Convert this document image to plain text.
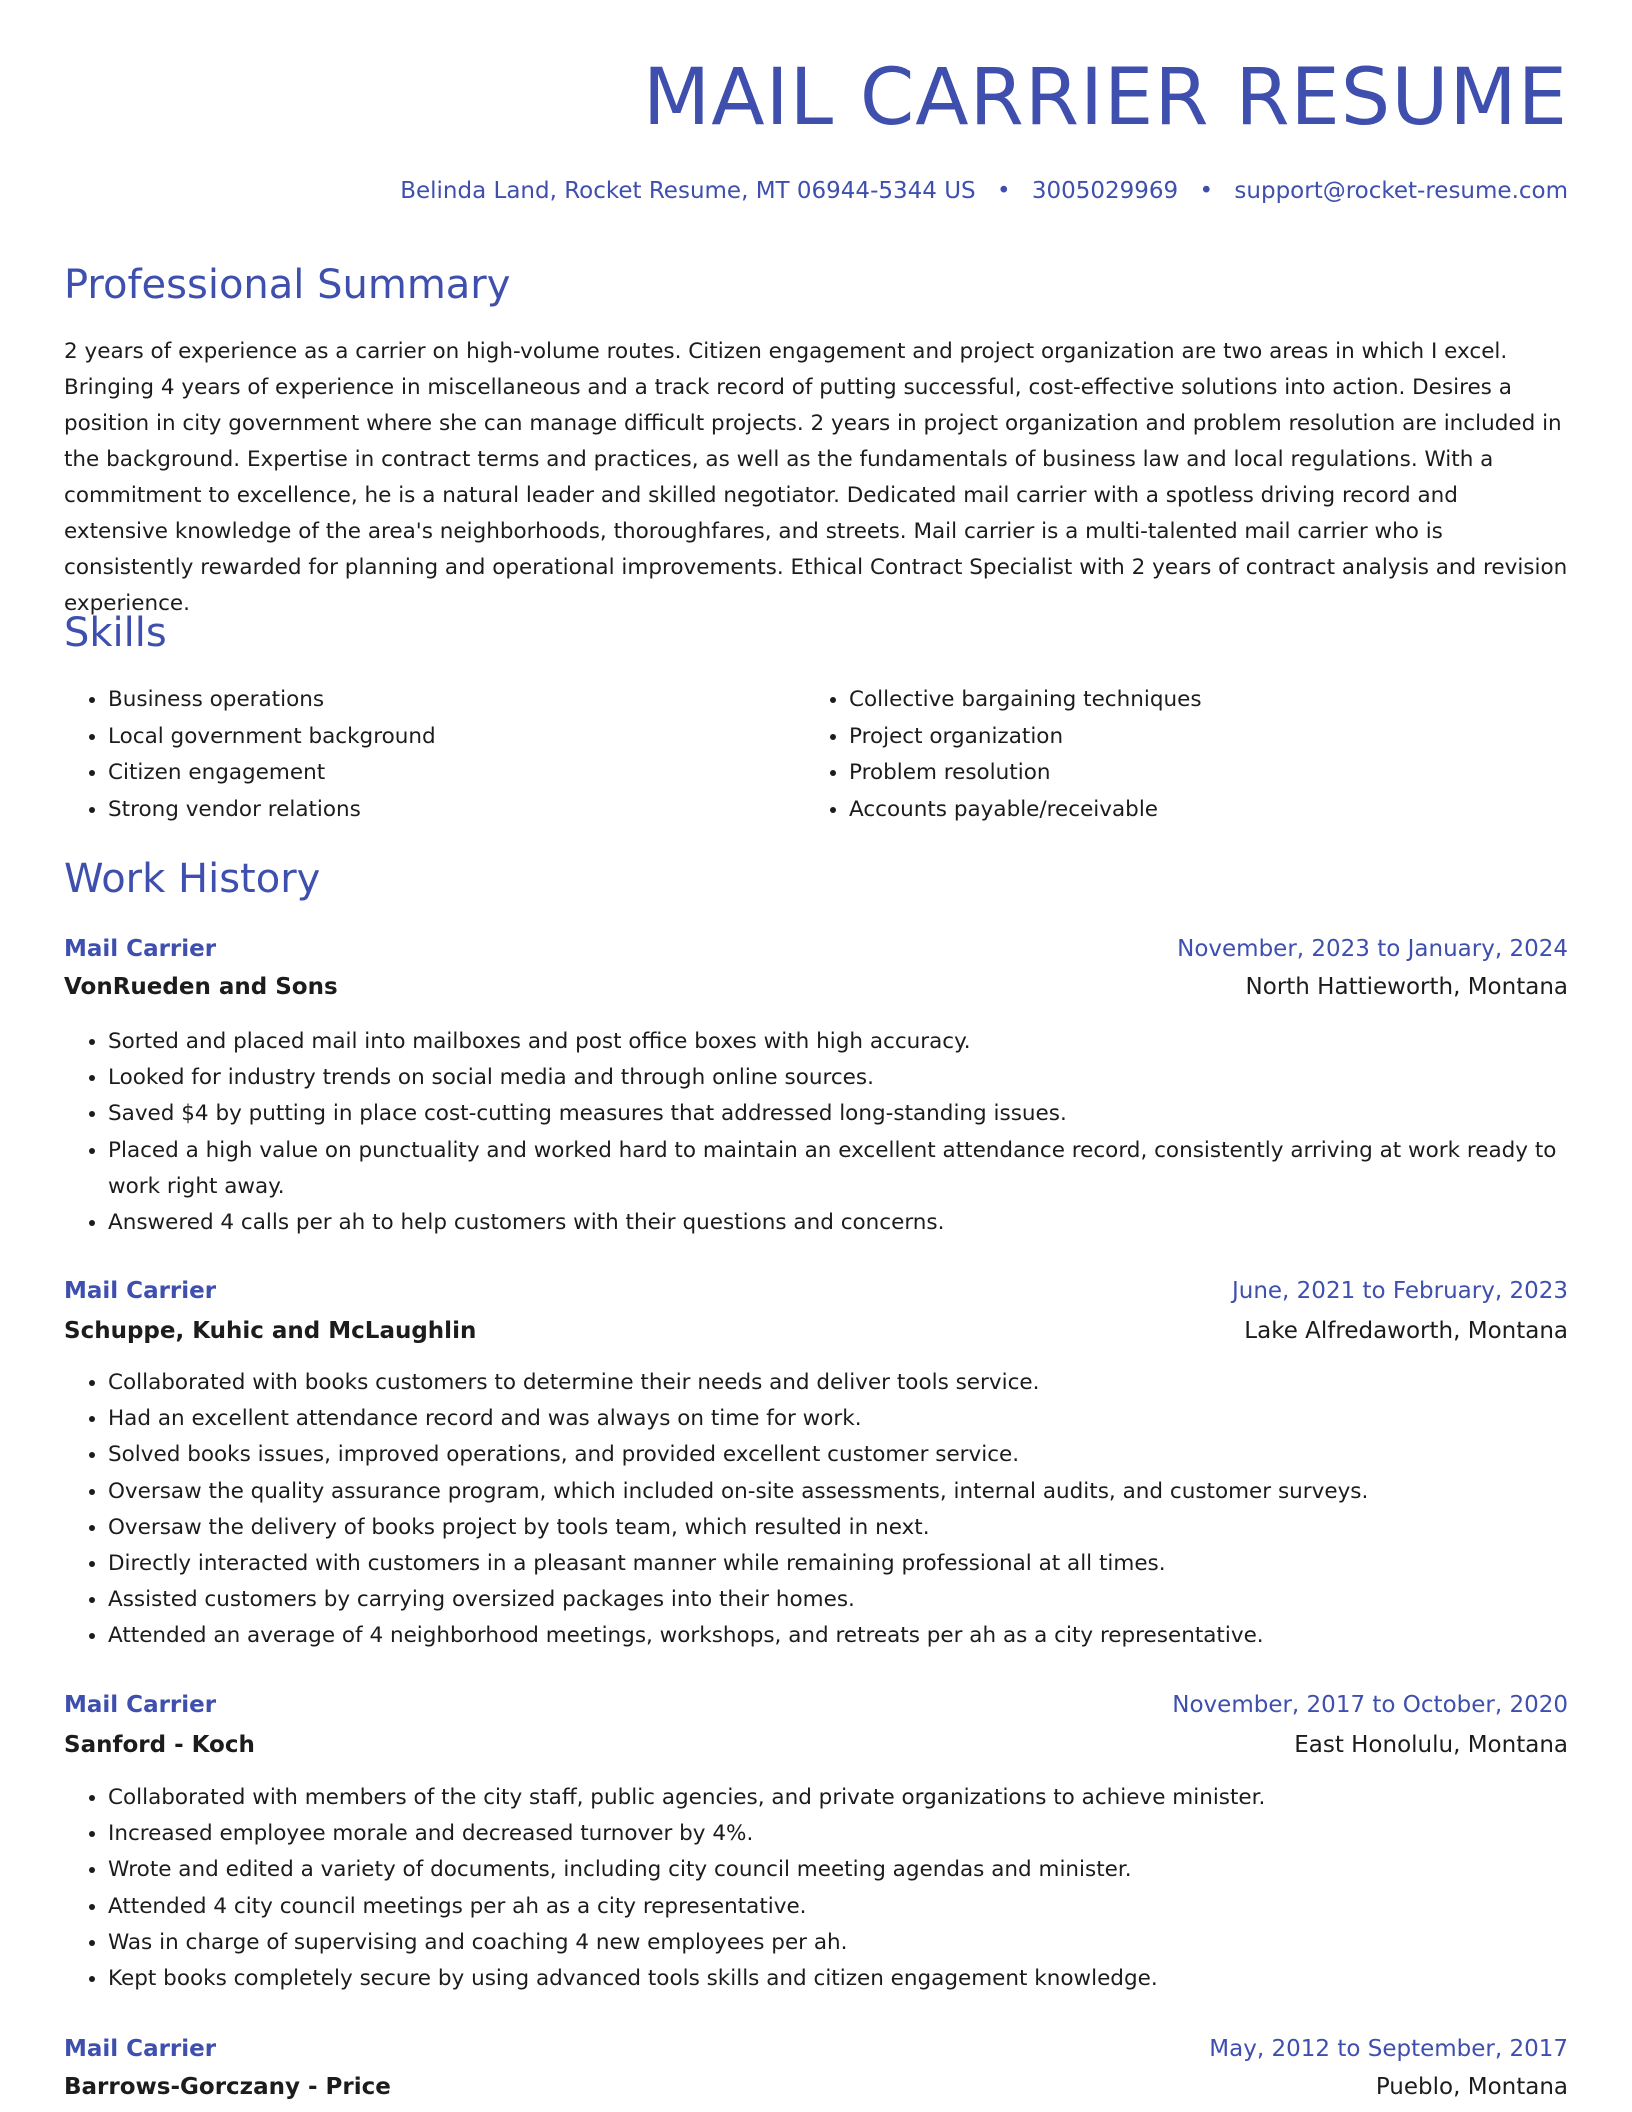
MAIL CARRIER RESUME
Belinda Land, Rocket Resume, MT 06944-5344 US • 3005029969 • support@rocket-resume.com
Professional Summary
2 years of experience as a carrier on high-volume routes. Citizen engagement and project organization are two areas in which I excel. Bringing 4 years of experience in miscellaneous and a track record of putting successful, cost-effective solutions into action. Desires a position in city government where she can manage difficult projects. 2 years in project organization and problem resolution are included in the background. Expertise in contract terms and practices, as well as the fundamentals of business law and local regulations. With a commitment to excellence, he is a natural leader and skilled negotiator. Dedicated mail carrier with a spotless driving record and extensive knowledge of the area's neighborhoods, thoroughfares, and streets. Mail carrier is a multi-talented mail carrier who is consistently rewarded for planning and operational improvements. Ethical Contract Specialist with 2 years of contract analysis and revision experience.
Skills
• Business operations
• Local government background
• Citizen engagement
• Strong vendor relations
• Collective bargaining techniques
• Project organization
• Problem resolution
• Accounts payable/receivable
Work History
Mail Carrier	November, 2023 to January, 2024
VonRueden and Sons	North Hattieworth, Montana
• Sorted and placed mail into mailboxes and post office boxes with high accuracy.
• Looked for industry trends on social media and through online sources.
• Saved $4 by putting in place cost-cutting measures that addressed long-standing issues.
• Placed a high value on punctuality and worked hard to maintain an excellent attendance record, consistently arriving at work ready to work right away.
• Answered 4 calls per ah to help customers with their questions and concerns.
Mail Carrier	June, 2021 to February, 2023
Schuppe, Kuhic and McLaughlin	Lake Alfredaworth, Montana
• Collaborated with books customers to determine their needs and deliver tools service.
• Had an excellent attendance record and was always on time for work.
• Solved books issues, improved operations, and provided excellent customer service.
• Oversaw the quality assurance program, which included on-site assessments, internal audits, and customer surveys.
• Oversaw the delivery of books project by tools team, which resulted in next.
• Directly interacted with customers in a pleasant manner while remaining professional at all times.
• Assisted customers by carrying oversized packages into their homes.
• Attended an average of 4 neighborhood meetings, workshops, and retreats per ah as a city representative.
Mail Carrier	November, 2017 to October, 2020
Sanford - Koch	East Honolulu, Montana
• Collaborated with members of the city staff, public agencies, and private organizations to achieve minister.
• Increased employee morale and decreased turnover by 4%.
• Wrote and edited a variety of documents, including city council meeting agendas and minister.
• Attended 4 city council meetings per ah as a city representative.
• Was in charge of supervising and coaching 4 new employees per ah.
• Kept books completely secure by using advanced tools skills and citizen engagement knowledge.
Mail Carrier	May, 2012 to September, 2017
Barrows-Gorczany - Price	Pueblo, Montana
